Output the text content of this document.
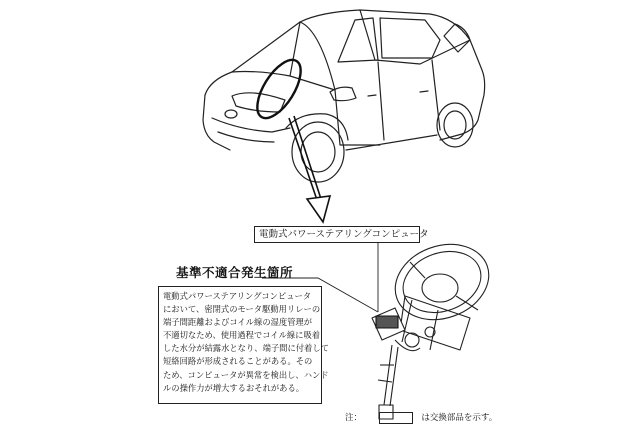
電動式パワーステアリングコンピュータ
基準不適合発生箇所
電動式パワーステアリングコンピュータ
において、密閉式のモータ駆動用リレーの
端子間距離およびコイル線の湿度管理が
不適切なため、使用過程でコイル線に吸着
した水分が結露水となり、端子間に付着して
短絡回路が形成されることがある。その
ため、コンピュータが異常を検出し、ハンド
ルの操作力が増大するおそれがある。
注：	は交換部品を示す。
